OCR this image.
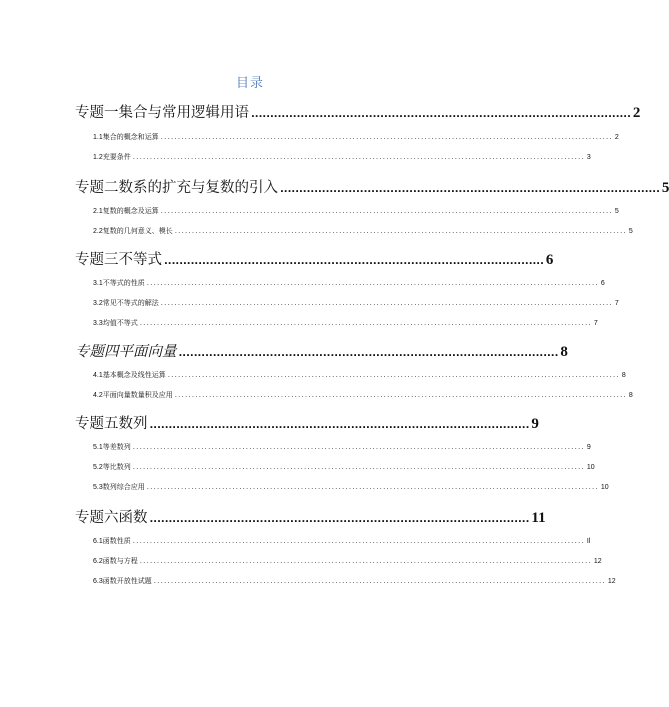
目录
专题一集合与常用逻辑用语 .................................................................................................... 2
1.1 集合的概念和运算 .................................................................................................................................... 2
1.2 充要条件 .................................................................................................................................... 3
专题二数系的扩充与复数的引入 .................................................................................................... 5
2.1 复数的概念及运算 .................................................................................................................................... 5
2.2 复数的几何意义、模长 .................................................................................................................................... 5
专题三不等式 .................................................................................................... 6
3.1 不等式的性质 .................................................................................................................................... 6
3.2 常见不等式的解法 .................................................................................................................................... 7
3.3 均值不等式 .................................................................................................................................... 7
专题四平面向量 .................................................................................................... 8
4.1 基本概念及线性运算 .................................................................................................................................... 8
4.2 平面向量数量积及应用 .................................................................................................................................... 8
专题五数列 .................................................................................................... 9
5.1 等差数列 .................................................................................................................................... 9
5.2 等比数列 .................................................................................................................................... 10
5.3 数列综合应用 .................................................................................................................................... 10
专题六函数 .................................................................................................... 11
6.1 函数性质 .................................................................................................................................... Il
6.2 函数与方程 .................................................................................................................................... 12
6.3 函数开放性试题 .................................................................................................................................... 12
